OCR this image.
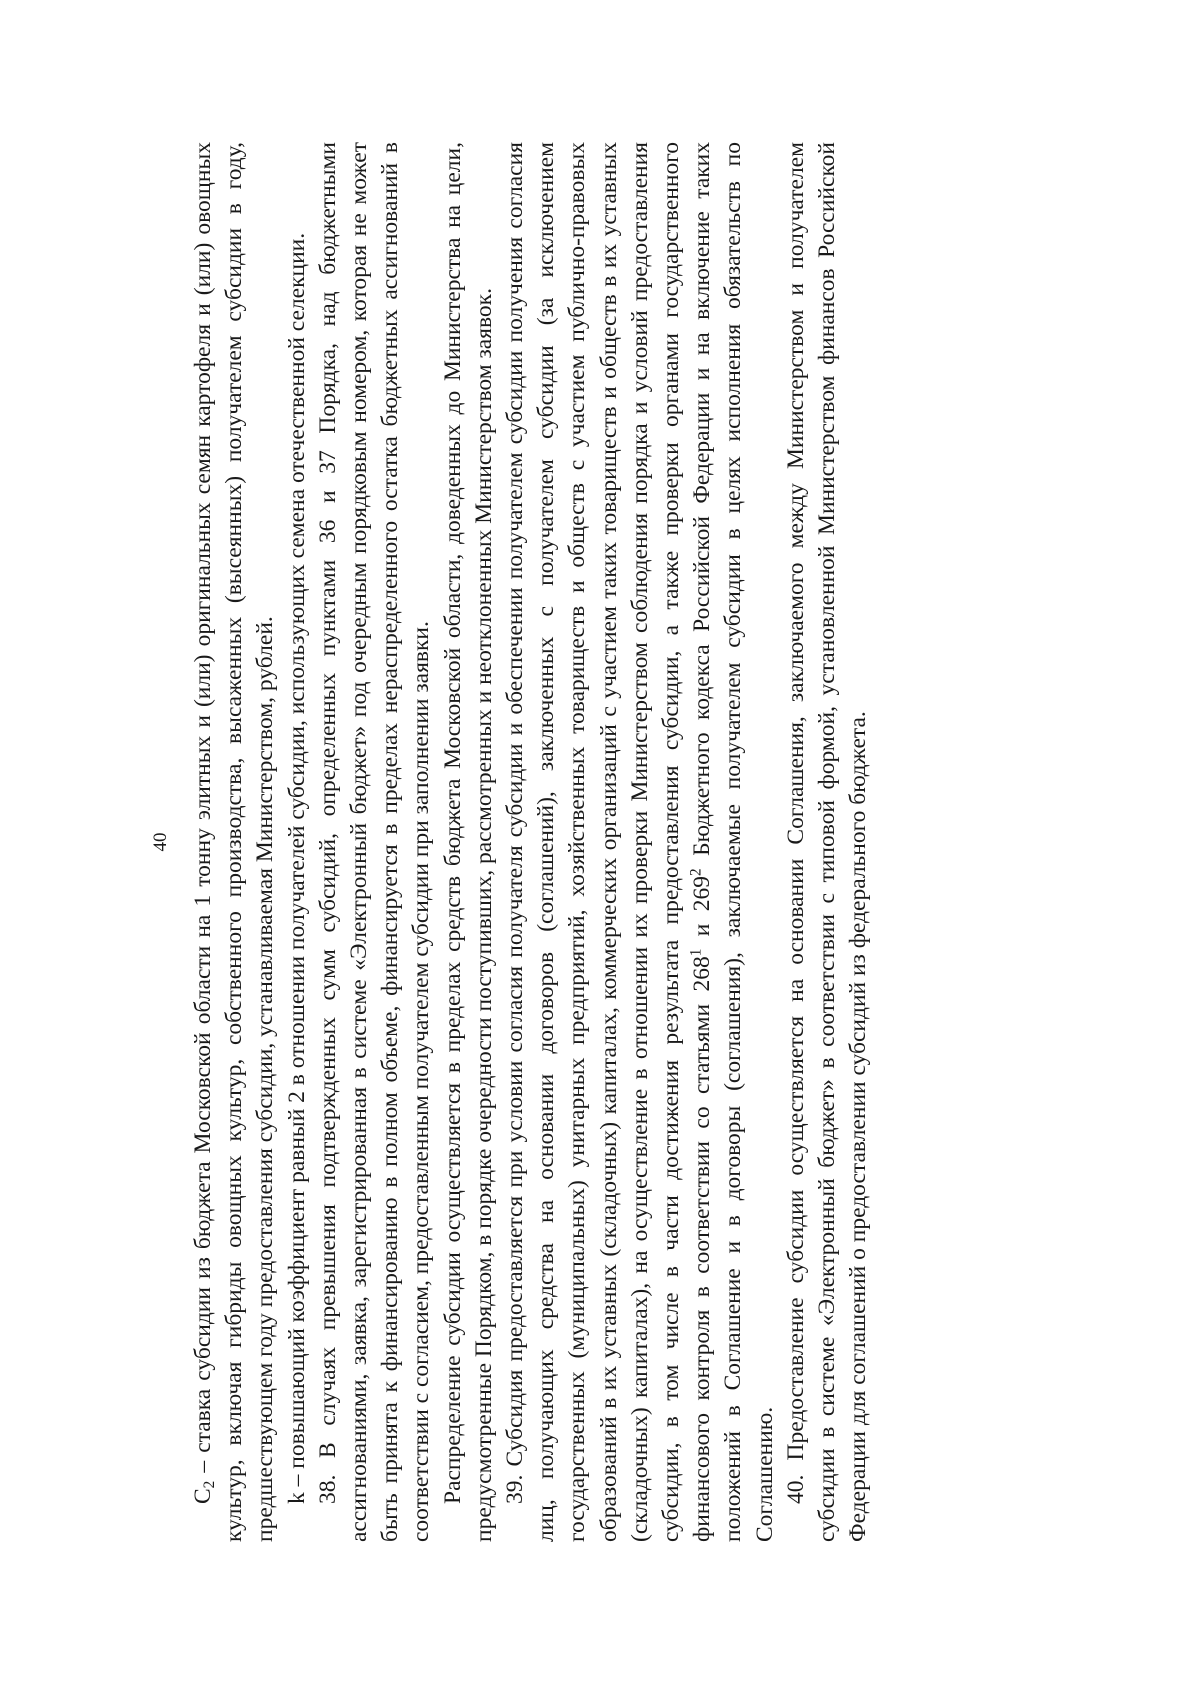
40

$С_2$ – ставка субсидии из бюджета Московской области на 1 тонну элитных и (или) оригинальных семян картофеля и (или) овощных культур, включая гибриды овощных культур, собственного производства, высаженных (высеянных) получателем субсидии в году, предшествующем году предоставления субсидии, устанавливаемая Министерством, рублей. k – повышающий коэффициент равный 2 в отношении получателей субсидии, использующих семена отечественной селекции. 38. В случаях превышения подтвержденных сумм субсидий, определенных пунктами 36 и 37 Порядка, над бюджетными ассигнованиями, заявка, зарегистрированная в системе «Электронный бюджет» под очередным порядковым номером, которая не может быть принята к финансированию в полном объеме, финансируется в пределах нераспределенного остатка бюджетных ассигнований в соответствии с согласием, предоставленным получателем субсидии при заполнении заявки. Распределение субсидии осуществляется в пределах средств бюджета Московской области, доведенных до Министерства на цели, предусмотренные Порядком, в порядке очередности поступивших, рассмотренных и неотклоненных Министерством заявок. 39. Субсидия предоставляется при условии согласия получателя субсидии и обеспечении получателем субсидии получения согласия лиц, получающих средства на основании договоров (соглашений), заключенных с получателем субсидии (за исключением государственных (муниципальных) унитарных предприятий, хозяйственных товариществ и обществ с участием публично-правовых образований в их уставных (складочных) капиталах, коммерческих организаций с участием таких товариществ и обществ в их уставных (складочных) капиталах), на осуществление в отношении их проверки Министерством соблюдения порядка и условий предоставления субсидии, в том числе в части достижения результата предоставления субсидии, а также проверки органами государственного финансового контроля в соответствии со статьями $268^1$ и $269^2$ Бюджетного кодекса Российской Федерации и на включение таких положений в Соглашение и в договоры (соглашения), заключаемые получателем субсидии в целях исполнения обязательств по Соглашению. 40. Предоставление субсидии осуществляется на основании Соглашения, заключаемого между Министерством и получателем субсидии в системе «Электронный бюджет» в соответствии с типовой формой, установленной Министерством финансов Российской Федерации для соглашений о предоставлении субсидий из федерального бюджета.
